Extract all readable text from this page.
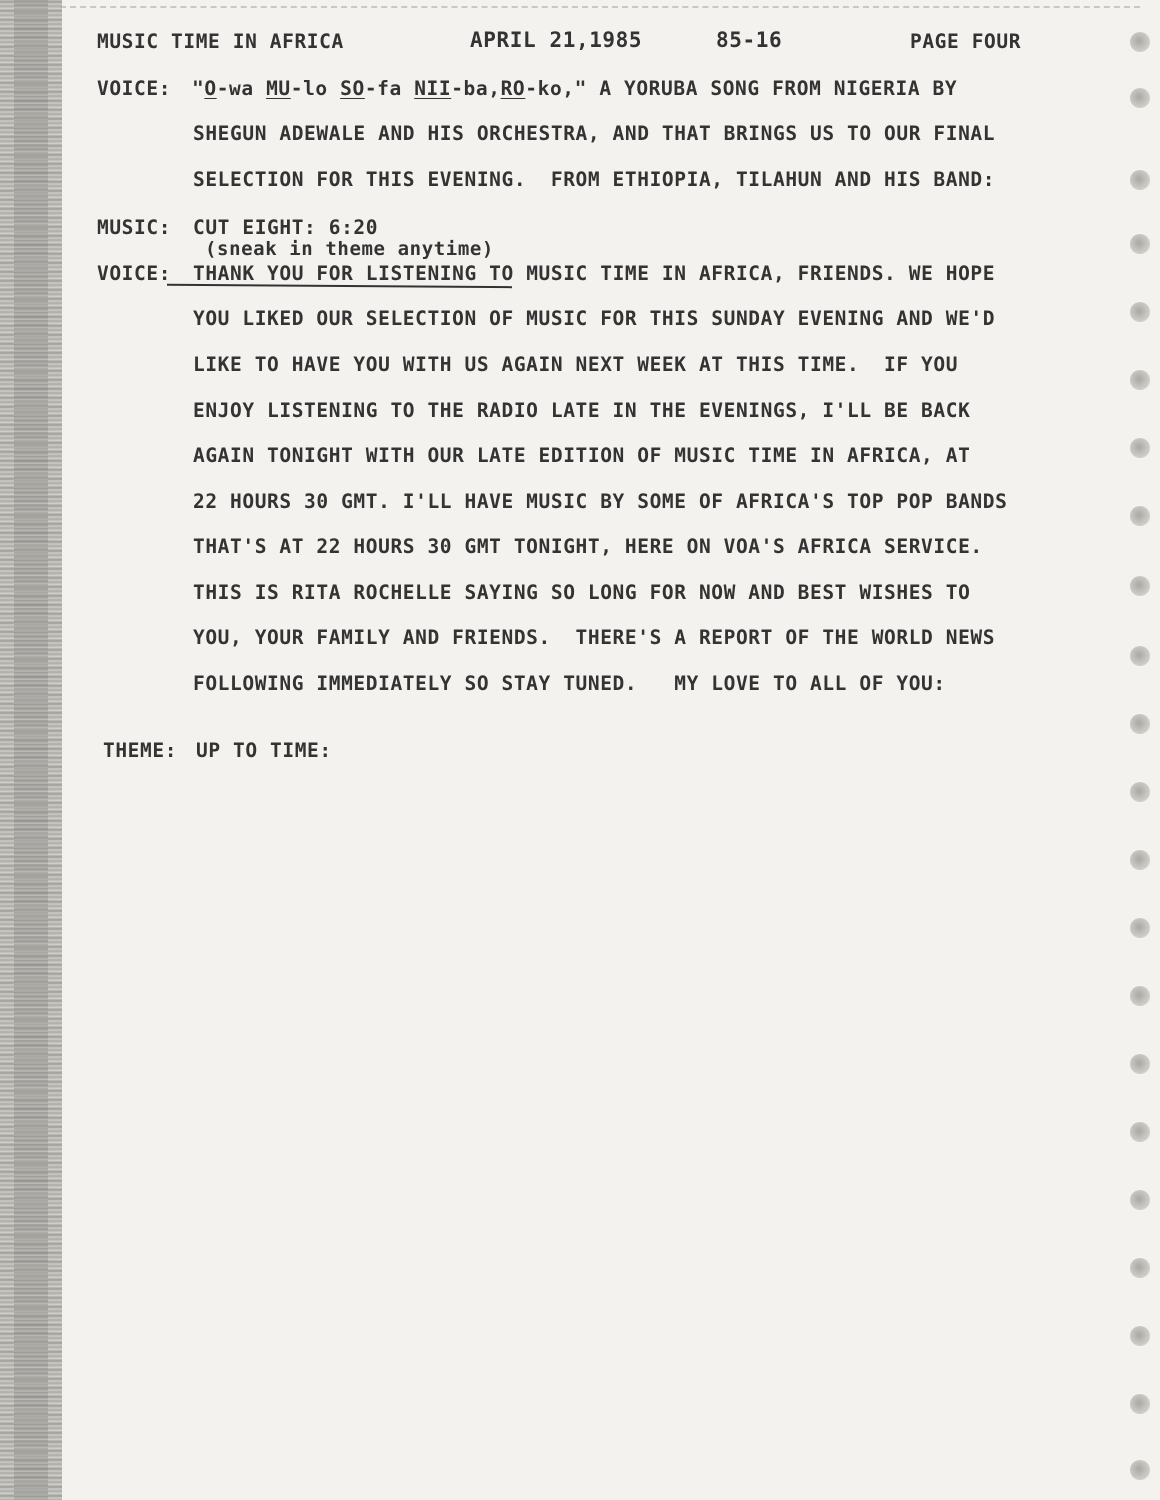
MUSIC TIME IN AFRICA	APRIL 21,1985	85-16	PAGE FOUR
VOICE: "O-wa MU-lo SO-fa NII-ba,RO-ko," A YORUBA SONG FROM NIGERIA BY
SHEGUN ADEWALE AND HIS ORCHESTRA, AND THAT BRINGS US TO OUR FINAL
SELECTION FOR THIS EVENING.  FROM ETHIOPIA, TILAHUN AND HIS BAND:
MUSIC: CUT EIGHT: 6:20
(sneak in theme anytime)
VOICE: THANK YOU FOR LISTENING TO MUSIC TIME IN AFRICA, FRIENDS. WE HOPE
YOU LIKED OUR SELECTION OF MUSIC FOR THIS SUNDAY EVENING AND WE'D
LIKE TO HAVE YOU WITH US AGAIN NEXT WEEK AT THIS TIME.  IF YOU
ENJOY LISTENING TO THE RADIO LATE IN THE EVENINGS, I'LL BE BACK
AGAIN TONIGHT WITH OUR LATE EDITION OF MUSIC TIME IN AFRICA, AT
22 HOURS 30 GMT. I'LL HAVE MUSIC BY SOME OF AFRICA'S TOP POP BANDS
THAT'S AT 22 HOURS 30 GMT TONIGHT, HERE ON VOA'S AFRICA SERVICE.
THIS IS RITA ROCHELLE SAYING SO LONG FOR NOW AND BEST WISHES TO
YOU, YOUR FAMILY AND FRIENDS.  THERE'S A REPORT OF THE WORLD NEWS
FOLLOWING IMMEDIATELY SO STAY TUNED.   MY LOVE TO ALL OF YOU:
THEME: UP TO TIME:
